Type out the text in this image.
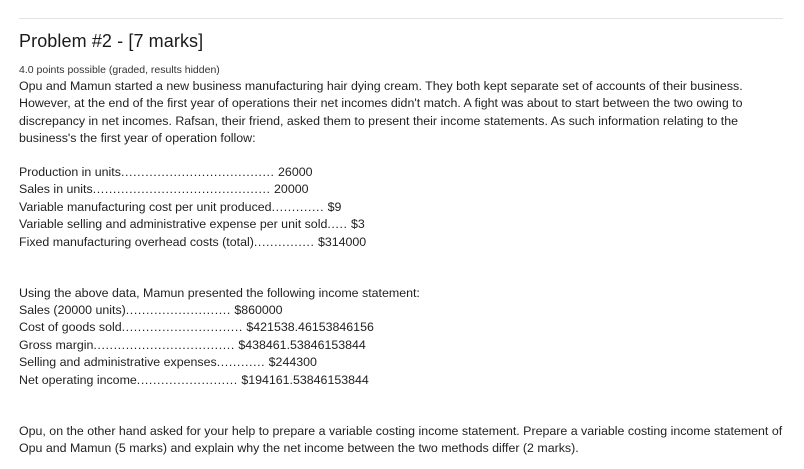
Problem #2 - [7 marks]
4.0 points possible (graded, results hidden)

Opu and Mamun started a new business manufacturing hair dying cream. They both kept separate set of accounts of their business. However, at the end of the first year of operations their net incomes didn't match. A fight was about to start between the two owing to discrepancy in net incomes. Rafsan, their friend, asked them to present their income statements. As such information relating to the business's the first year of operation follow:

Production in units...................................... 26000
Sales in units............................................ 20000
Variable manufacturing cost per unit produced............. $9
Variable selling and administrative expense per unit sold..... $3
Fixed manufacturing overhead costs (total)............... $314000

Using the above data, Mamun presented the following income statement:

Sales (20000 units).......................... $860000
Cost of goods sold.............................. $421538.46153846156
Gross margin................................... $438461.53846153844
Selling and administrative expenses............ $244300
Net operating income......................... $194161.53846153844

Opu, on the other hand asked for your help to prepare a variable costing income statement. Prepare a variable costing income statement of Opu and Mamun (5 marks) and explain why the net income between the two methods differ (2 marks).
